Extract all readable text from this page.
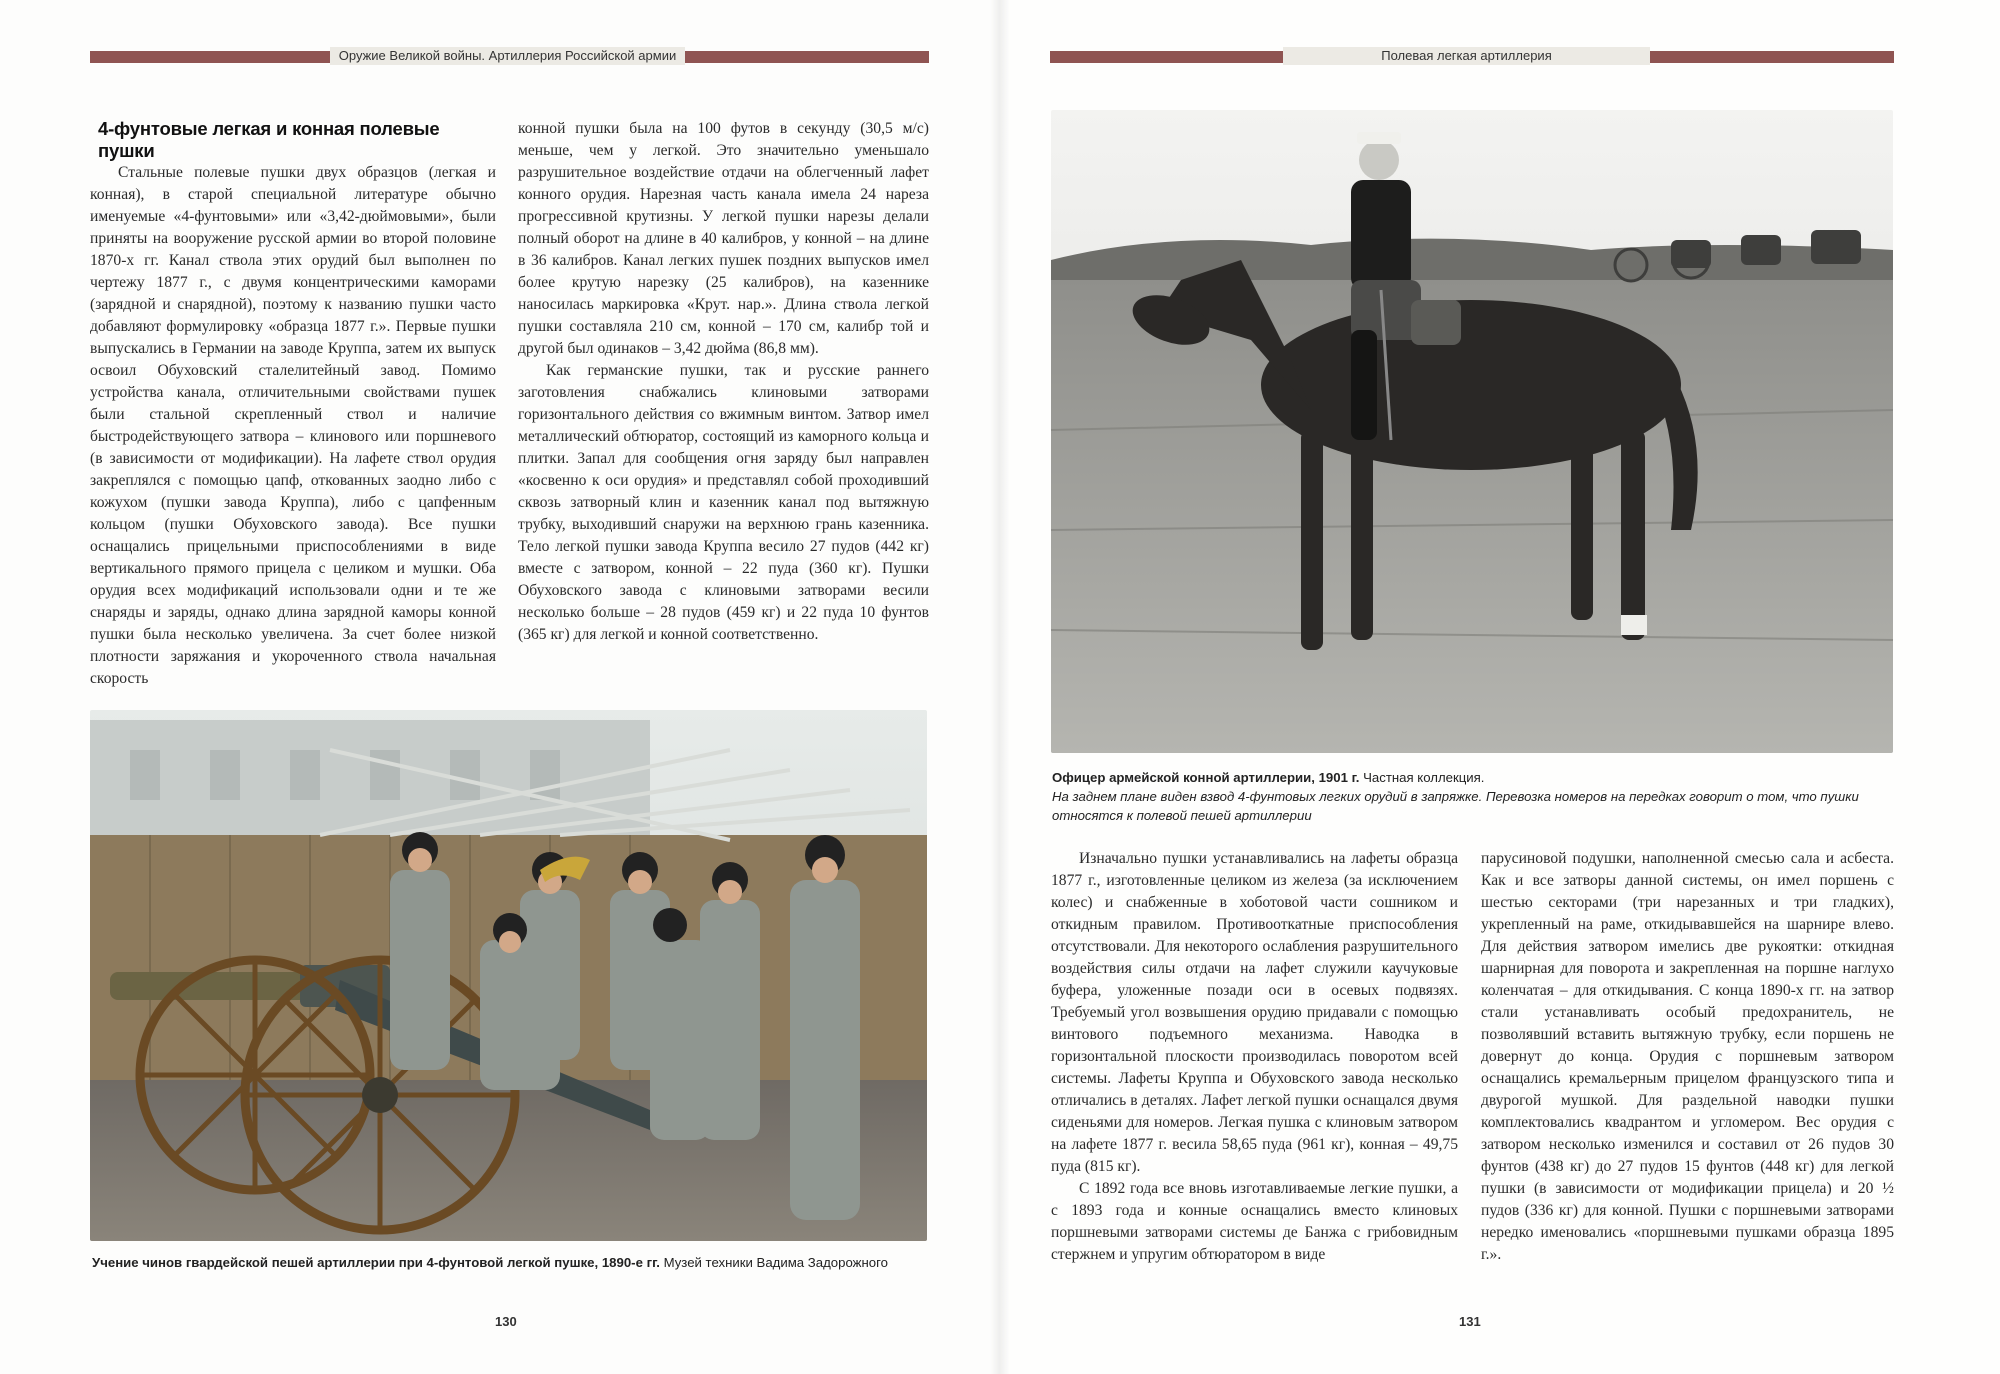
Оружие Великой войны. Артиллерия Российской армии
4-фунтовые легкая и конная полевые пушки

Стальные полевые пушки двух образцов (легкая и конная), в старой специальной литературе обычно именуемые «4-фунтовыми» или «3,42-дюймовыми», были приняты на вооружение русской армии во второй половине 1870-х гг. Канал ствола этих орудий был выполнен по чертежу 1877 г., с двумя концентрическими каморами (зарядной и снарядной), поэтому к названию пушки часто добавляют формулировку «образца 1877 г.». Первые пушки выпускались в Германии на заводе Круппа, затем их выпуск освоил Обуховский сталелитейный завод. Помимо устройства канала, отличительными свойствами пушек были стальной скрепленный ствол и наличие быстродействующего затвора – клинового или поршневого (в зависимости от модификации). На лафете ствол орудия закреплялся с помощью цапф, откованных заодно либо с кожухом (пушки завода Круппа), либо с цапфенным кольцом (пушки Обуховского завода). Все пушки оснащались прицельными приспособлениями в виде вертикального прямого прицела с целиком и мушки. Оба орудия всех модификаций использовали одни и те же снаряды и заряды, однако длина зарядной каморы конной пушки была несколько увеличена. За счет более низкой плотности заряжания и укороченного ствола начальная скорость

конной пушки была на 100 футов в секунду (30,5 м/с) меньше, чем у легкой. Это значительно уменьшало разрушительное воздействие отдачи на облегченный лафет конного орудия. Нарезная часть канала имела 24 нареза прогрессивной крутизны. У легкой пушки нарезы делали полный оборот на длине в 40 калибров, у конной – на длине в 36 калибров. Канал легких пушек поздних выпусков имел более крутую нарезку (25 калибров), на казеннике наносилась маркировка «Крут. нар.». Длина ствола легкой пушки составляла 210 см, конной – 170 см, калибр той и другой был одинаков – 3,42 дюйма (86,8 мм).

Как германские пушки, так и русские раннего заготовления снабжались клиновыми затворами горизонтального действия со вжимным винтом. Затвор имел металлический обтюратор, состоящий из каморного кольца и плитки. Запал для сообщения огня заряду был направлен «косвенно к оси орудия» и представлял собой проходивший сквозь затворный клин и казенник канал под вытяжную трубку, выходивший снаружи на верхнюю грань казенника. Тело легкой пушки завода Круппа весило 27 пудов (442 кг) вместе с затвором, конной – 22 пуда (360 кг). Пушки Обуховского завода с клиновыми затворами весили несколько больше – 28 пудов (459 кг) и 22 пуда 10 фунтов (365 кг) для легкой и конной соответственно.

Учение чинов гвардейской пешей артиллерии при 4-фунтовой легкой пушке, 1890-е гг. Музей техники Вадима Задорожного
130
Полевая легкая артиллерия
Офицер армейской конной артиллерии, 1901 г. Частная коллекция.
На заднем плане виден взвод 4-фунтовых легких орудий в запряжке. Перевозка номеров на передках говорит о том, что пушки относятся к полевой пешей артиллерии

Изначально пушки устанавливались на лафеты образца 1877 г., изготовленные целиком из железа (за исключением колес) и снабженные в хоботовой части сошником и откидным правилом. Противооткатные приспособления отсутствовали. Для некоторого ослабления разрушительного воздействия силы отдачи на лафет служили каучуковые буфера, уложенные позади оси в осевых подвязях. Требуемый угол возвышения орудию придавали с помощью винтового подъемного механизма. Наводка в горизонтальной плоскости производилась поворотом всей системы. Лафеты Круппа и Обуховского завода несколько отличались в деталях. Лафет легкой пушки оснащался двумя сиденьями для номеров. Легкая пушка с клиновым затвором на лафете 1877 г. весила 58,65 пуда (961 кг), конная – 49,75 пуда (815 кг).

С 1892 года все вновь изготавливаемые легкие пушки, а с 1893 года и конные оснащались вместо клиновых поршневыми затворами системы де Банжа с грибовидным стержнем и упругим обтюратором в виде

парусиновой подушки, наполненной смесью сала и асбеста. Как и все затворы данной системы, он имел поршень с шестью секторами (три нарезанных и три гладких), укрепленный на раме, откидывавшейся на шарнире влево. Для действия затвором имелись две рукоятки: откидная шарнирная для поворота и закрепленная на поршне наглухо коленчатая – для откидывания. С конца 1890-х гг. на затвор стали устанавливать особый предохранитель, не позволявший вставить вытяжную трубку, если поршень не довернут до конца. Орудия с поршневым затвором оснащались кремальерным прицелом французского типа и двурогой мушкой. Для раздельной наводки пушки комплектовались квадрантом и угломером. Вес орудия с затвором несколько изменился и составил от 26 пудов 30 фунтов (438 кг) до 27 пудов 15 фунтов (448 кг) для легкой пушки (в зависимости от модификации прицела) и 20 ½ пудов (336 кг) для конной. Пушки с поршневыми затворами нередко именовались «поршневыми пушками образца 1895 г.».

131
